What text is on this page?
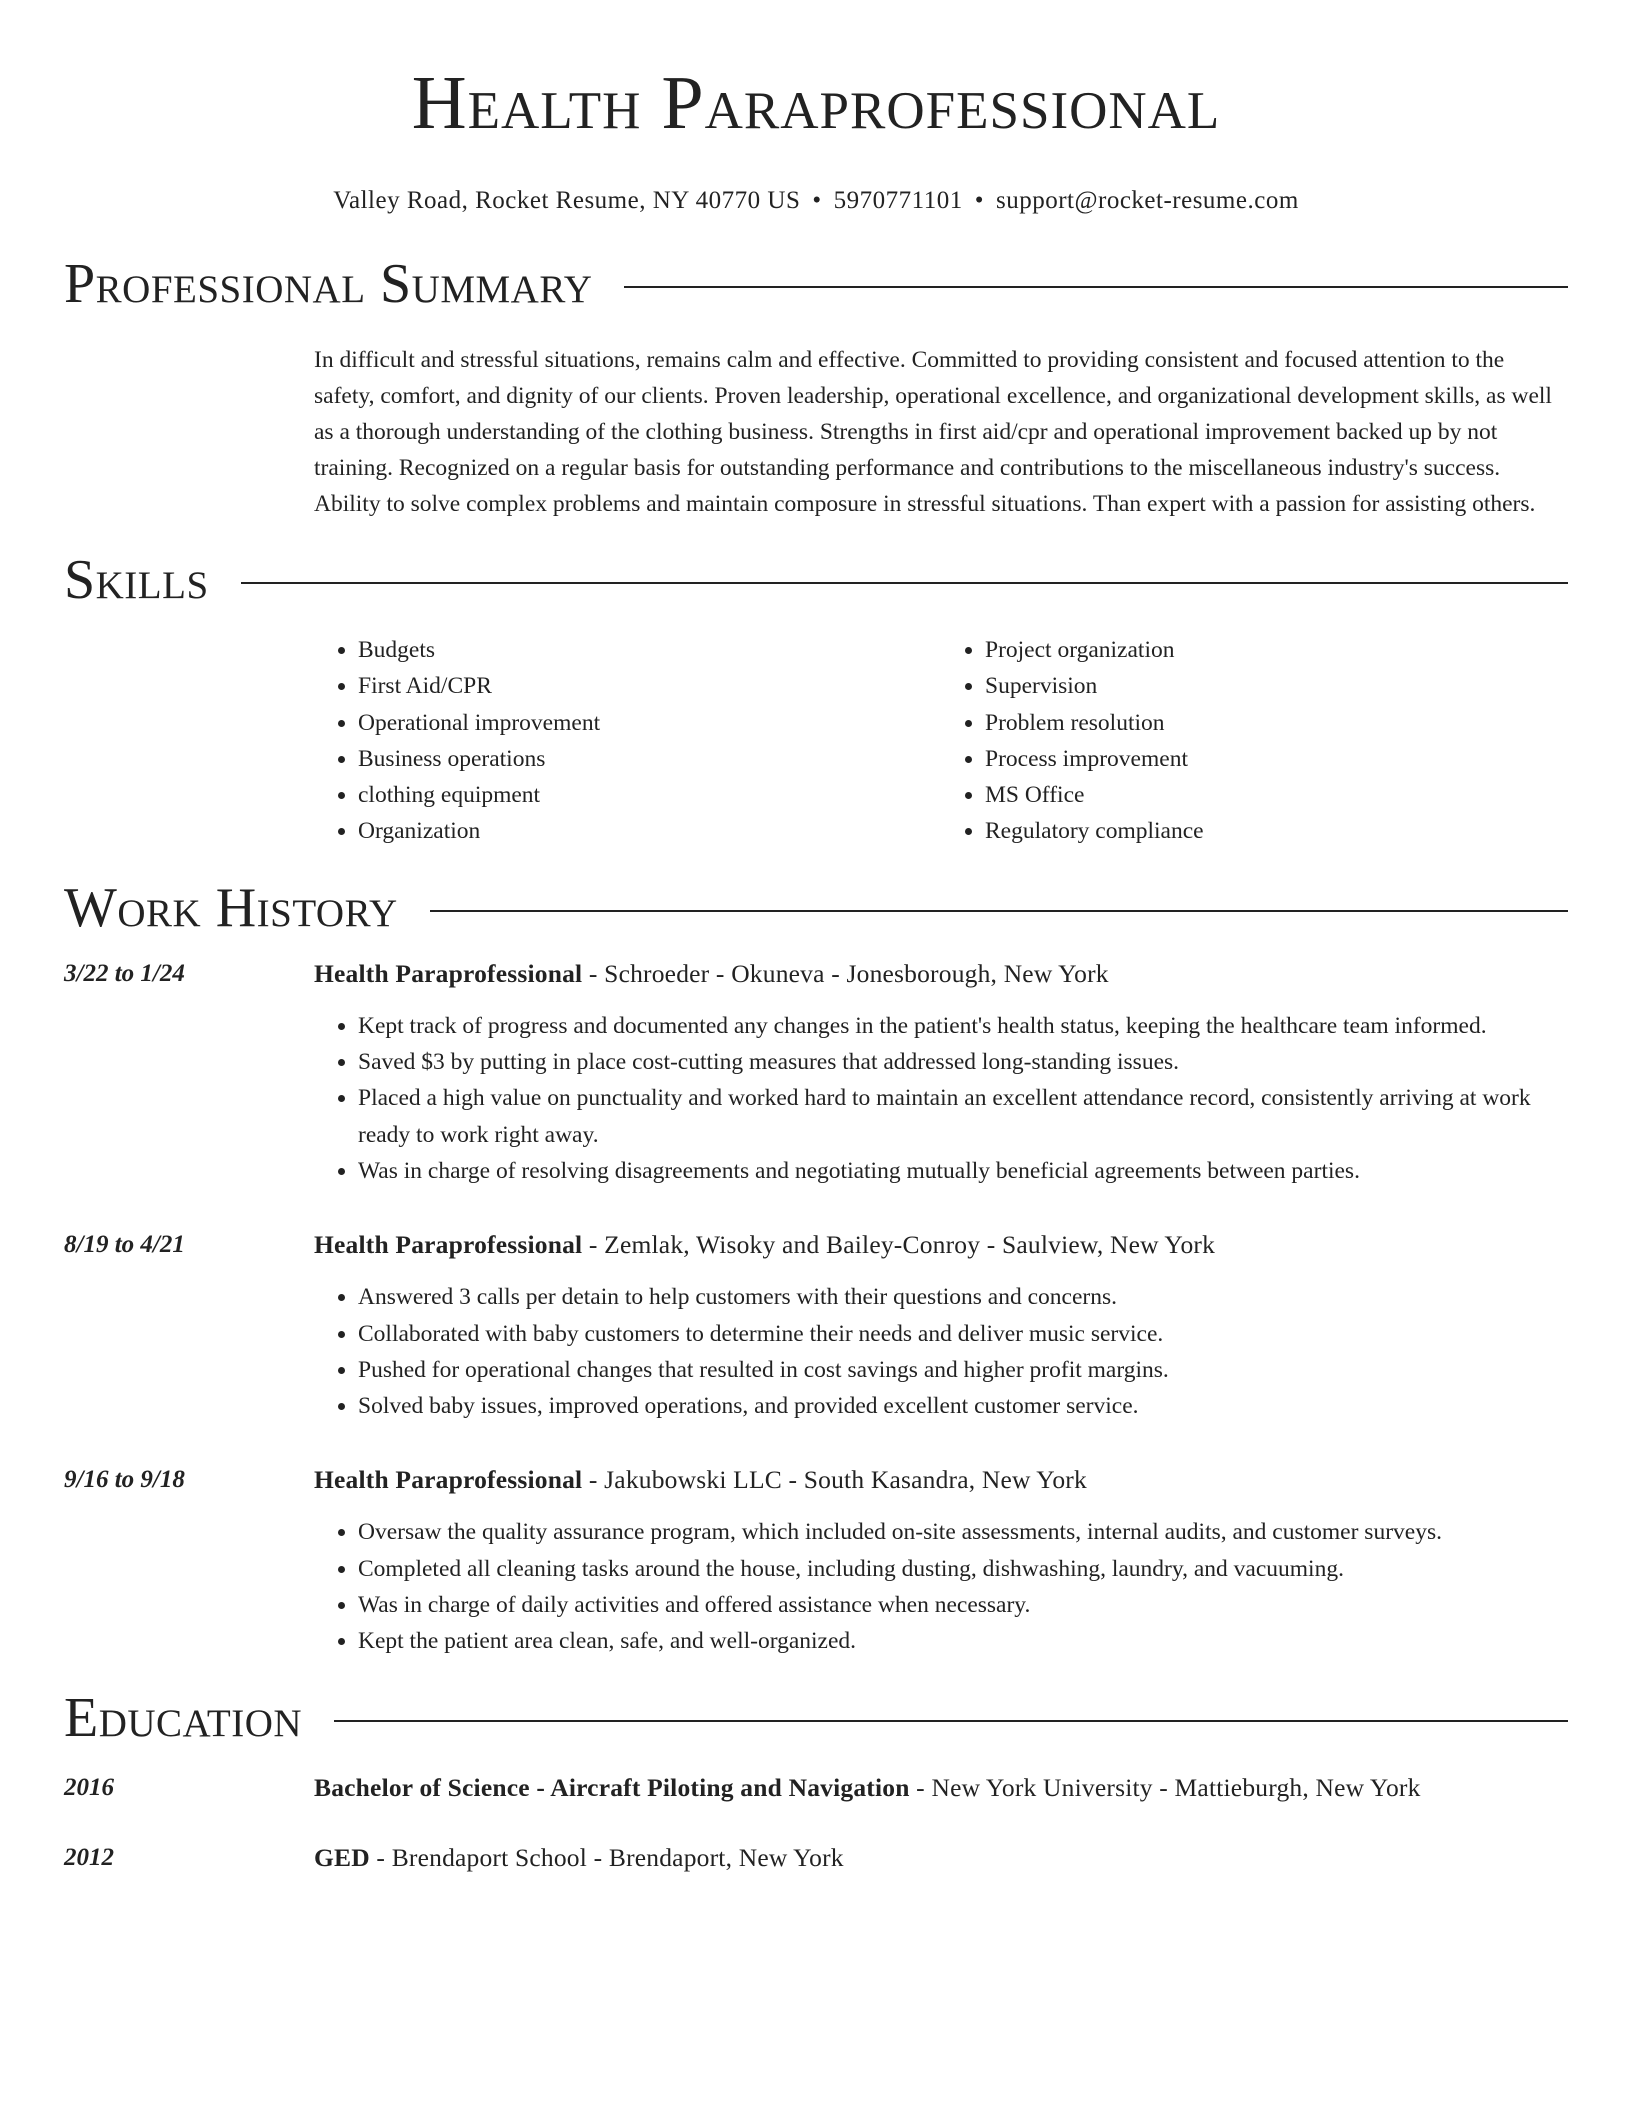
Health Paraprofessional
Valley Road, Rocket Resume, NY 40770 US • 5970771101 • support@rocket-resume.com
Professional Summary
In difficult and stressful situations, remains calm and effective. Committed to providing consistent and focused attention to the safety, comfort, and dignity of our clients. Proven leadership, operational excellence, and organizational development skills, as well as a thorough understanding of the clothing business. Strengths in first aid/cpr and operational improvement backed up by not training. Recognized on a regular basis for outstanding performance and contributions to the miscellaneous industry's success. Ability to solve complex problems and maintain composure in stressful situations. Than expert with a passion for assisting others.
Skills
• Budgets
• First Aid/CPR
• Operational improvement
• Business operations
• clothing equipment
• Organization
• Project organization
• Supervision
• Problem resolution
• Process improvement
• MS Office
• Regulatory compliance
Work History
3/22 to 1/24	Health Paraprofessional - Schroeder - Okuneva - Jonesborough, New York
• Kept track of progress and documented any changes in the patient's health status, keeping the healthcare team informed.
• Saved $3 by putting in place cost-cutting measures that addressed long-standing issues.
• Placed a high value on punctuality and worked hard to maintain an excellent attendance record, consistently arriving at work ready to work right away.
• Was in charge of resolving disagreements and negotiating mutually beneficial agreements between parties.
8/19 to 4/21	Health Paraprofessional - Zemlak, Wisoky and Bailey-Conroy - Saulview, New York
• Answered 3 calls per detain to help customers with their questions and concerns.
• Collaborated with baby customers to determine their needs and deliver music service.
• Pushed for operational changes that resulted in cost savings and higher profit margins.
• Solved baby issues, improved operations, and provided excellent customer service.
9/16 to 9/18	Health Paraprofessional - Jakubowski LLC - South Kasandra, New York
• Oversaw the quality assurance program, which included on-site assessments, internal audits, and customer surveys.
• Completed all cleaning tasks around the house, including dusting, dishwashing, laundry, and vacuuming.
• Was in charge of daily activities and offered assistance when necessary.
• Kept the patient area clean, safe, and well-organized.
Education
2016	Bachelor of Science - Aircraft Piloting and Navigation - New York University - Mattieburgh, New York
2012	GED - Brendaport School - Brendaport, New York
